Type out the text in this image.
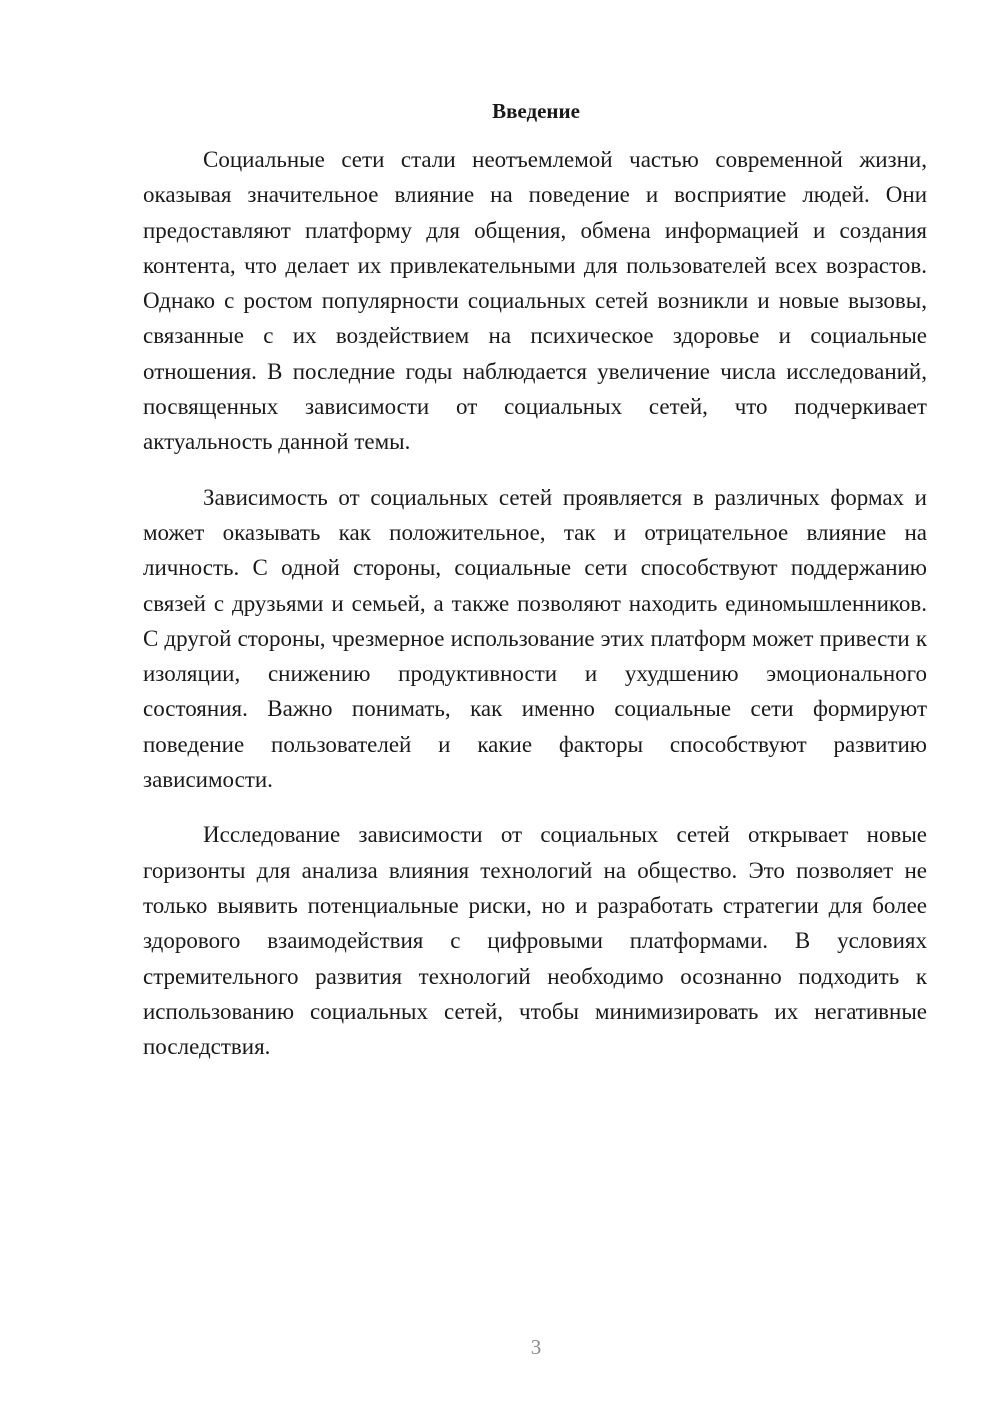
Введение

Социальные сети стали неотъемлемой частью современной жизни, оказывая значительное влияние на поведение и восприятие людей. Они предоставляют платформу для общения, обмена информацией и создания контента, что делает их привлекательными для пользователей всех возрастов. Однако с ростом популярности социальных сетей возникли и новые вызовы, связанные с их воздействием на психическое здоровье и социальные отношения. В последние годы наблюдается увеличение числа исследований, посвященных зависимости от социальных сетей, что подчеркивает актуальность данной темы.

Зависимость от социальных сетей проявляется в различных формах и может оказывать как положительное, так и отрицательное влияние на личность. С одной стороны, социальные сети способствуют поддержанию связей с друзьями и семьей, а также позволяют находить единомышленников. С другой стороны, чрезмерное использование этих платформ может привести к изоляции, снижению продуктивности и ухудшению эмоционального состояния. Важно понимать, как именно социальные сети формируют поведение пользователей и какие факторы способствуют развитию зависимости.

Исследование зависимости от социальных сетей открывает новые горизонты для анализа влияния технологий на общество. Это позволяет не только выявить потенциальные риски, но и разработать стратегии для более здорового взаимодействия с цифровыми платформами. В условиях стремительного развития технологий необходимо осознанно подходить к использованию социальных сетей, чтобы минимизировать их негативные последствия.

3
